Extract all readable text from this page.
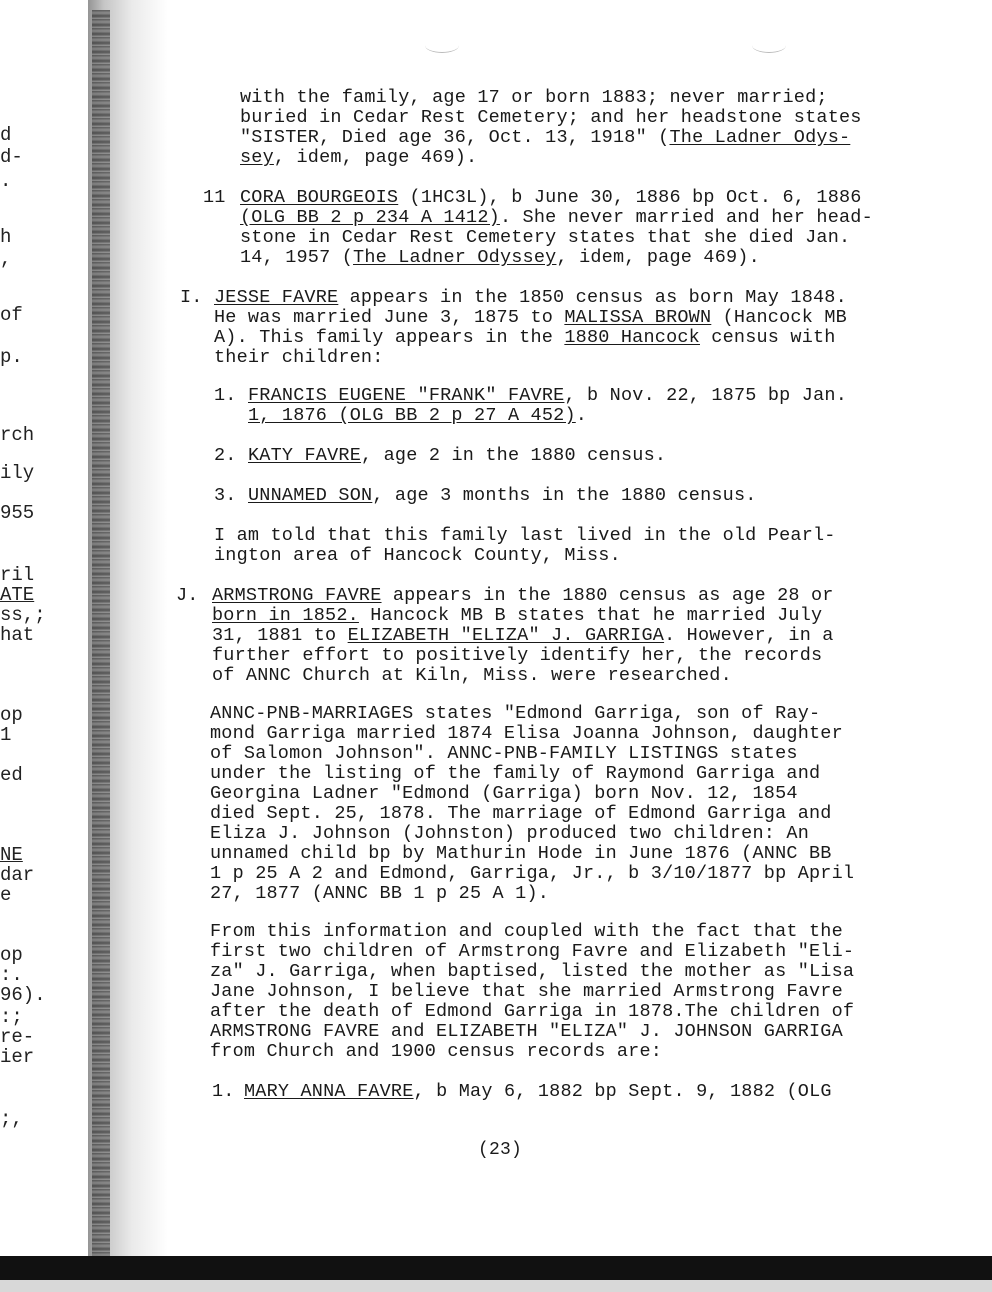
d
d-
.
h
,
of
p.
rch
ily
955
ril
ATE
ss,;
hat
op
1
ed
NE
dar
e
op
:.
96).
:;
re-
ier
;,
with the family, age 17 or born 1883; never married;
buried in Cedar Rest Cemetery; and her headstone states
"SISTER, Died age 36, Oct. 13, 1918" (The Ladner Odys-
sey, idem, page 469).
11 CORA BOURGEOIS (1HC3L), b June 30, 1886 bp Oct. 6, 1886
(OLG BB 2 p 234 A 1412). She never married and her head-
stone in Cedar Rest Cemetery states that she died Jan.
14, 1957 (The Ladner Odyssey, idem, page 469).
I. JESSE FAVRE appears in the 1850 census as born May 1848.
He was married June 3, 1875 to MALISSA BROWN (Hancock MB
A). This family appears in the 1880 Hancock census with
their children:
1. FRANCIS EUGENE "FRANK" FAVRE, b Nov. 22, 1875 bp Jan.
1, 1876 (OLG BB 2 p 27 A 452).
2. KATY FAVRE, age 2 in the 1880 census.
3. UNNAMED SON, age 3 months in the 1880 census.
I am told that this family last lived in the old Pearl-
ington area of Hancock County, Miss.
J. ARMSTRONG FAVRE appears in the 1880 census as age 28 or
born in 1852. Hancock MB B states that he married July
31, 1881 to ELIZABETH "ELIZA" J. GARRIGA. However, in a
further effort to positively identify her, the records
of ANNC Church at Kiln, Miss. were researched.
ANNC-PNB-MARRIAGES states "Edmond Garriga, son of Ray-
mond Garriga married 1874 Elisa Joanna Johnson, daughter
of Salomon Johnson". ANNC-PNB-FAMILY LISTINGS states
under the listing of the family of Raymond Garriga and
Georgina Ladner "Edmond (Garriga) born Nov. 12, 1854
died Sept. 25, 1878. The marriage of Edmond Garriga and
Eliza J. Johnson (Johnston) produced two children: An
unnamed child bp by Mathurin Hode in June 1876 (ANNC BB
1 p 25 A 2 and Edmond, Garriga, Jr., b 3/10/1877 bp April
27, 1877 (ANNC BB 1 p 25 A 1).
From this information and coupled with the fact that the
first two children of Armstrong Favre and Elizabeth "Eli-
za" J. Garriga, when baptised, listed the mother as "Lisa
Jane Johnson, I believe that she married Armstrong Favre
after the death of Edmond Garriga in 1878.The children of
ARMSTRONG FAVRE and ELIZABETH "ELIZA" J. JOHNSON GARRIGA
from Church and 1900 census records are:
1. MARY ANNA FAVRE, b May 6, 1882 bp Sept. 9, 1882 (OLG
(23)
